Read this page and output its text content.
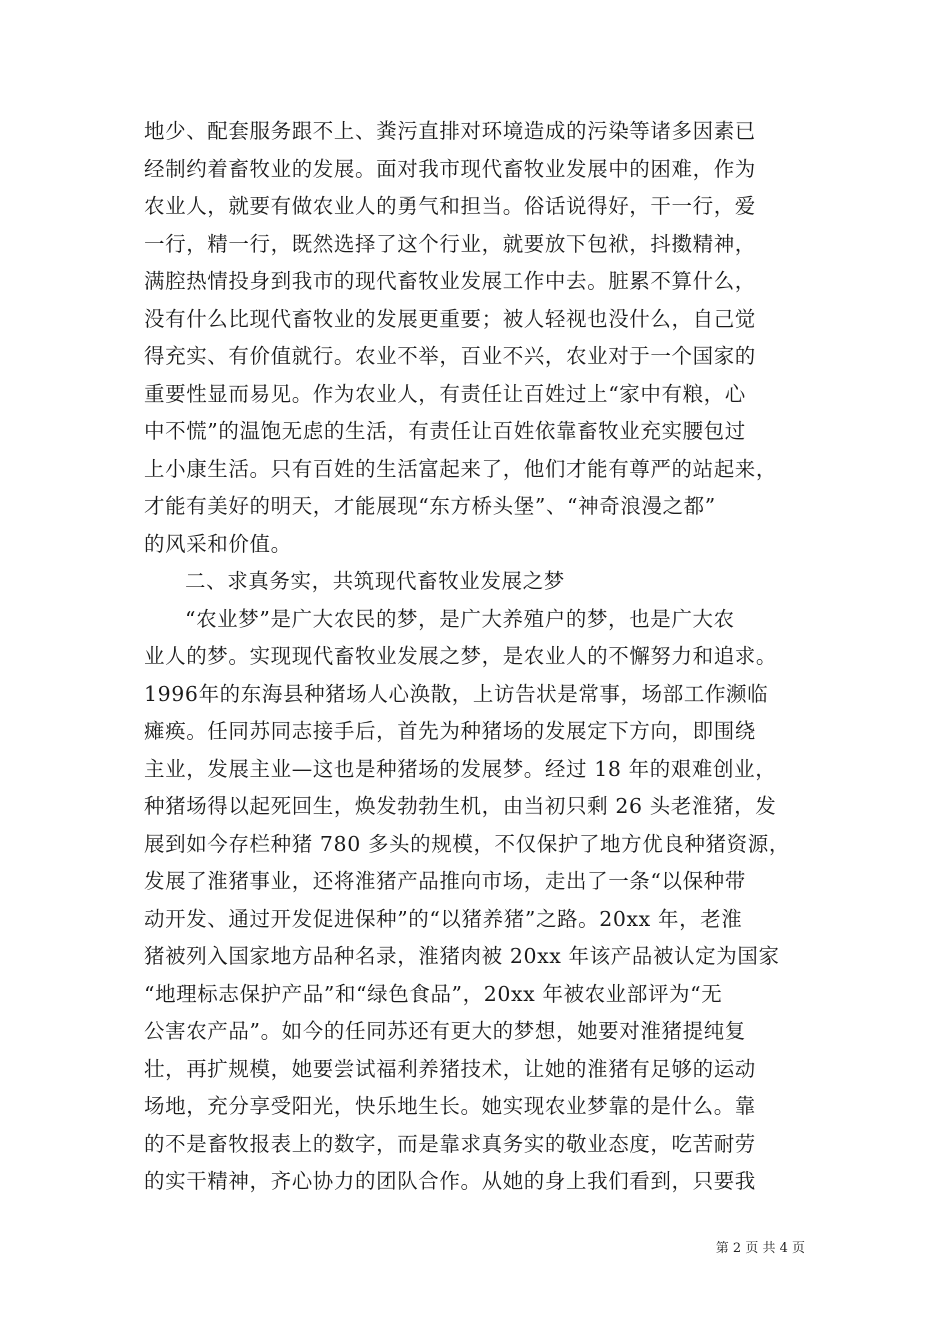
地少、配套服务跟不上、粪污直排对环境造成的污染等诸多因素已
经制约着畜牧业的发展。面对我市现代畜牧业发展中的困难，作为
农业人，就要有做农业人的勇气和担当。俗话说得好，干一行，爱
一行，精一行，既然选择了这个行业，就要放下包袱，抖擞精神，
满腔热情投身到我市的现代畜牧业发展工作中去。脏累不算什么，
没有什么比现代畜牧业的发展更重要；被人轻视也没什么，自己觉
得充实、有价值就行。农业不举，百业不兴，农业对于一个国家的
重要性显而易见。作为农业人，有责任让百姓过上“家中有粮，心
中不慌”的温饱无虑的生活，有责任让百姓依靠畜牧业充实腰包过
上小康生活。只有百姓的生活富起来了，他们才能有尊严的站起来，
才能有美好的明天，才能展现“东方桥头堡”、“神奇浪漫之都”
的风采和价值。
二、求真务实，共筑现代畜牧业发展之梦
“农业梦”是广大农民的梦，是广大养殖户的梦，也是广大农
业人的梦。实现现代畜牧业发展之梦，是农业人的不懈努力和追求。
1996年的东海县种猪场人心涣散，上访告状是常事，场部工作濒临
瘫痪。任同苏同志接手后，首先为种猪场的发展定下方向，即围绕
主业，发展主业—这也是种猪场的发展梦。经过 18 年的艰难创业，
种猪场得以起死回生，焕发勃勃生机，由当初只剩 26 头老淮猪，发
展到如今存栏种猪 780 多头的规模，不仅保护了地方优良种猪资源，
发展了淮猪事业，还将淮猪产品推向市场，走出了一条“以保种带
动开发、通过开发促进保种”的“以猪养猪”之路。20xx 年，老淮
猪被列入国家地方品种名录，淮猪肉被 20xx 年该产品被认定为国家
“地理标志保护产品”和“绿色食品”，20xx 年被农业部评为“无
公害农产品”。如今的任同苏还有更大的梦想，她要对淮猪提纯复
壮，再扩规模，她要尝试福利养猪技术，让她的淮猪有足够的运动
场地，充分享受阳光，快乐地生长。她实现农业梦靠的是什么。靠
的不是畜牧报表上的数字，而是靠求真务实的敬业态度，吃苦耐劳
的实干精神，齐心协力的团队合作。从她的身上我们看到，只要我
第 2 页 共 4 页
